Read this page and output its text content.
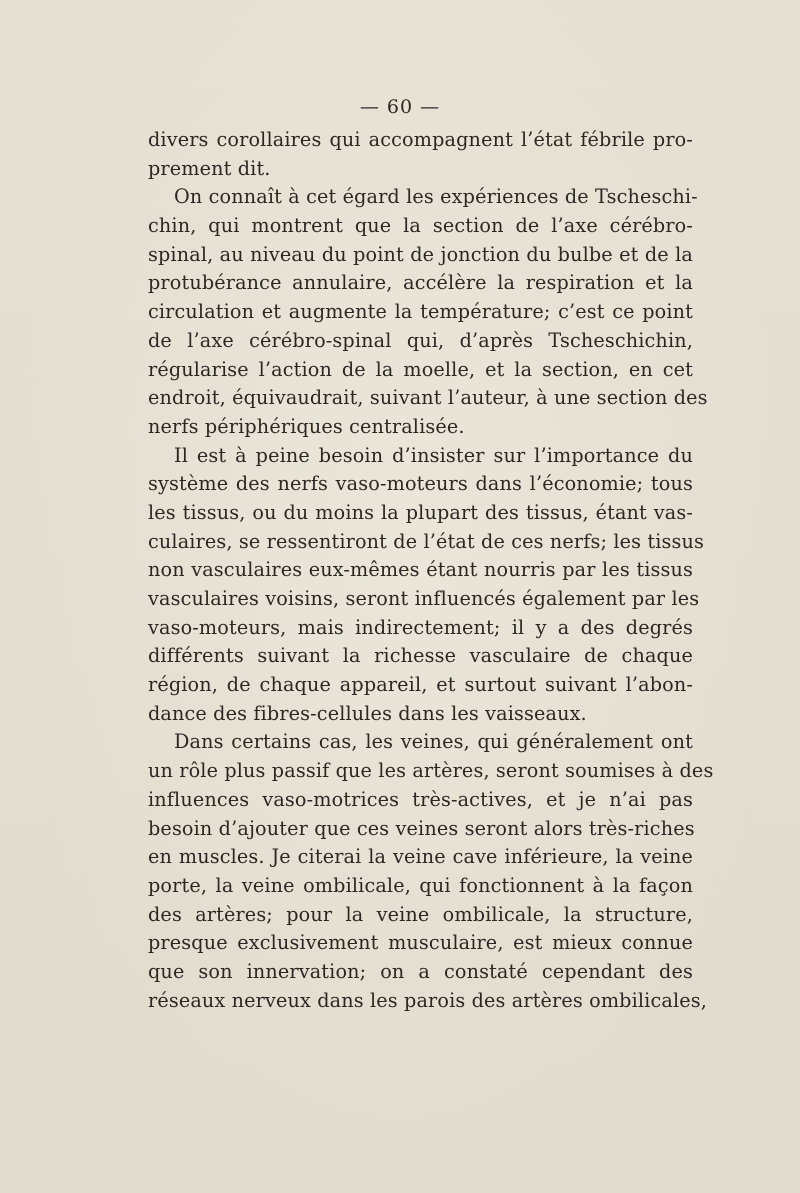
— 60 —
divers corollaires qui accompagnent l’état fébrile pro-
prement dit.
On connaît à cet égard les expériences de Tscheschi-
chin, qui montrent que la section de l’axe cérébro-
spinal, au niveau du point de jonction du bulbe et de la
protubérance annulaire, accélère la respiration et la
circulation et augmente la température; c’est ce point
de l’axe cérébro-spinal qui, d’après Tscheschichin,
régularise l’action de la moelle, et la section, en cet
endroit, équivaudrait, suivant l’auteur, à une section des
nerfs périphériques centralisée.
Il est à peine besoin d’insister sur l’importance du
système des nerfs vaso-moteurs dans l’économie; tous
les tissus, ou du moins la plupart des tissus, étant vas-
culaires, se ressentiront de l’état de ces nerfs; les tissus
non vasculaires eux-mêmes étant nourris par les tissus
vasculaires voisins, seront influencés également par les
vaso-moteurs, mais indirectement; il y a des degrés
différents suivant la richesse vasculaire de chaque
région, de chaque appareil, et surtout suivant l’abon-
dance des fibres-cellules dans les vaisseaux.
Dans certains cas, les veines, qui généralement ont
un rôle plus passif que les artères, seront soumises à des
influences vaso-motrices très-actives, et je n’ai pas
besoin d’ajouter que ces veines seront alors très-riches
en muscles. Je citerai la veine cave inférieure, la veine
porte, la veine ombilicale, qui fonctionnent à la façon
des artères; pour la veine ombilicale, la structure,
presque exclusivement musculaire, est mieux connue
que son innervation; on a constaté cependant des
réseaux nerveux dans les parois des artères ombilicales,
